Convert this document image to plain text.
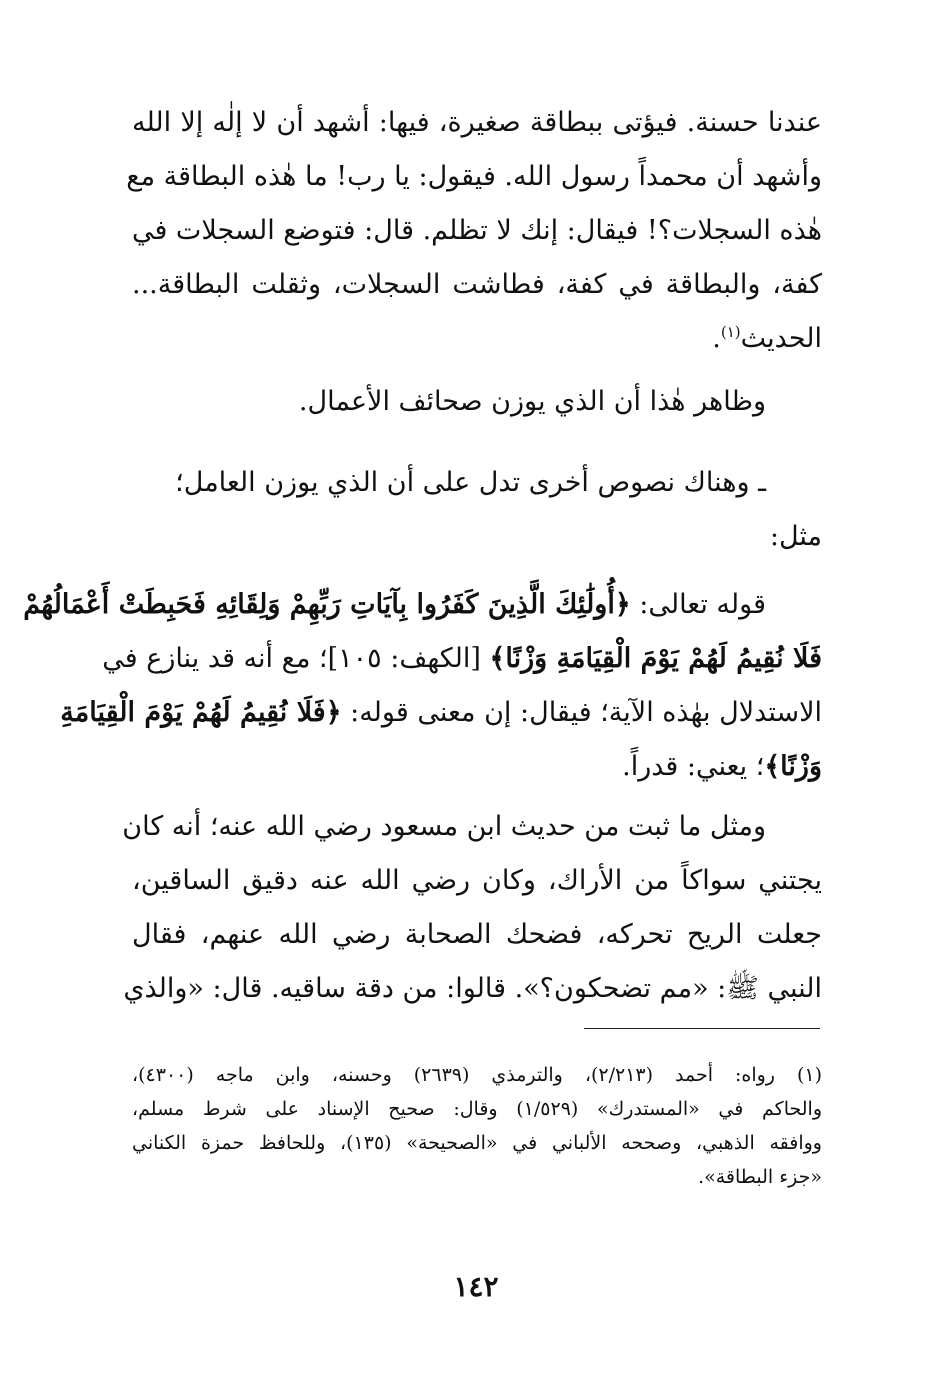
عندنا حسنة. فيؤتى ببطاقة صغيرة، فيها: أشهد أن لا إلٰه إلا الله
وأشهد أن محمداً رسول الله. فيقول: يا رب! ما هٰذه البطاقة مع
هٰذه السجلات؟! فيقال: إنك لا تظلم. قال: فتوضع السجلات في
كفة، والبطاقة في كفة، فطاشت السجلات، وثقلت البطاقة...
الحديث$^{(١)}$.
وظاهر هٰذا أن الذي يوزن صحائف الأعمال.
ـ وهناك نصوص أخرى تدل على أن الذي يوزن العامل؛
مثل:
قوله تعالى: ﴿أُولَٰئِكَ الَّذِينَ كَفَرُوا بِآيَاتِ رَبِّهِمْ وَلِقَائِهِ فَحَبِطَتْ أَعْمَالُهُمْ
فَلَا نُقِيمُ لَهُمْ يَوْمَ الْقِيَامَةِ وَزْنًا﴾ [الكهف: ١٠٥]؛ مع أنه قد ينازع في
الاستدلال بهٰذه الآية؛ فيقال: إن معنى قوله: ﴿فَلَا نُقِيمُ لَهُمْ يَوْمَ الْقِيَامَةِ
وَزْنًا﴾؛ يعني: قدراً.
ومثل ما ثبت من حديث ابن مسعود رضي الله عنه؛ أنه كان
يجتني سواكاً من الأراك، وكان رضي الله عنه دقيق الساقين،
جعلت الريح تحركه، فضحك الصحابة رضي الله عنهم، فقال
النبي ﷺ: «مم تضحكون؟». قالوا: من دقة ساقيه. قال: «والذي
(١) رواه: أحمد (٢/٢١٣)، والترمذي (٢٦٣٩) وحسنه، وابن ماجه (٤٣٠٠)،
والحاكم في «المستدرك» (١/٥٢٩) وقال: صحيح الإسناد على شرط مسلم،
ووافقه الذهبي، وصححه الألباني في «الصحيحة» (١٣٥)، وللحافظ حمزة الكناني
«جزء البطاقة».
١٤٢
